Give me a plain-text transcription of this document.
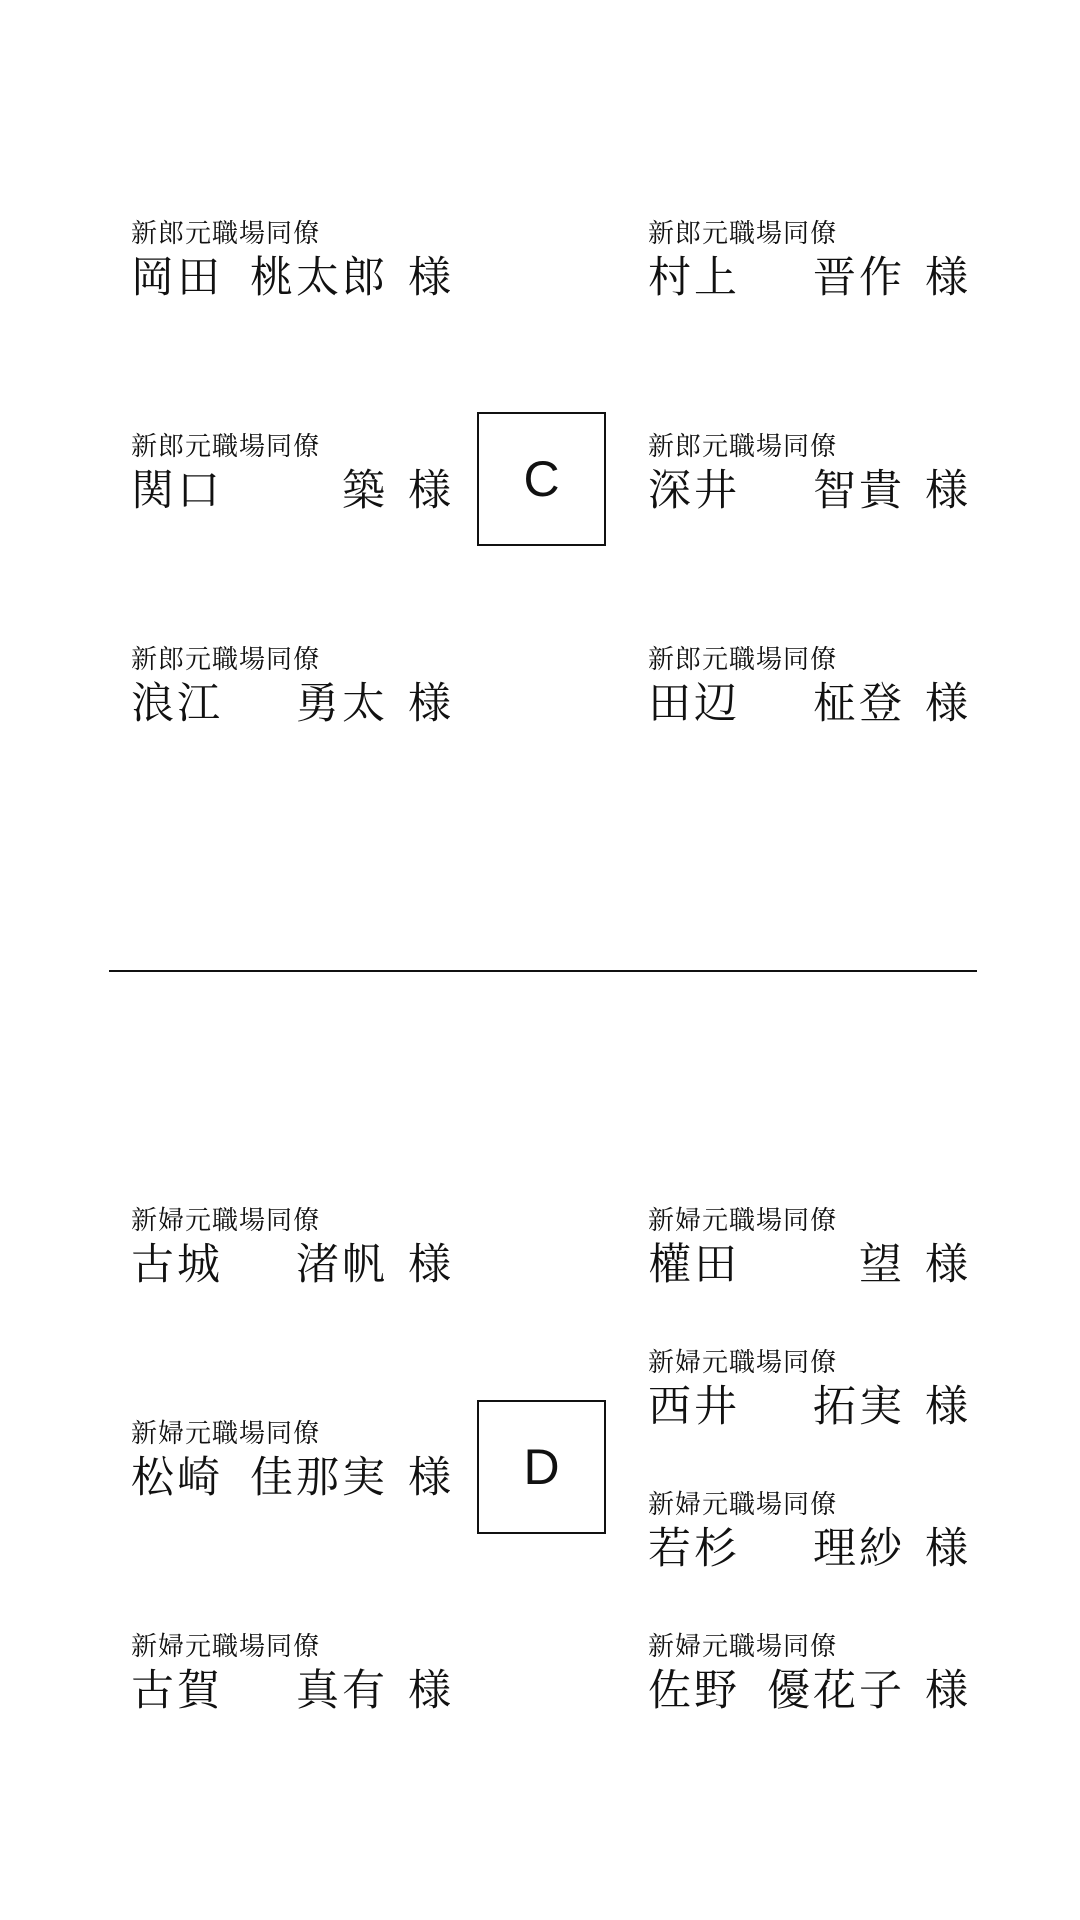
新郎元職場同僚
岡田 桃太郎 様
新郎元職場同僚
村上 晋作 様
新郎元職場同僚
関口	築 様 C
新郎元職場同僚
深井 智貴 様
新郎元職場同僚
浪江 勇太 様
新郎元職場同僚
田辺 柾登 様
新婦元職場同僚
古城 渚帆 様
新婦元職場同僚
權田	望 様
新婦元職場同僚
西井 拓実 様
新婦元職場同僚
松崎 佳那実 様 D
新婦元職場同僚
若杉 理紗 様
新婦元職場同僚
古賀 真有 様
新婦元職場同僚
佐野 優花子 様
